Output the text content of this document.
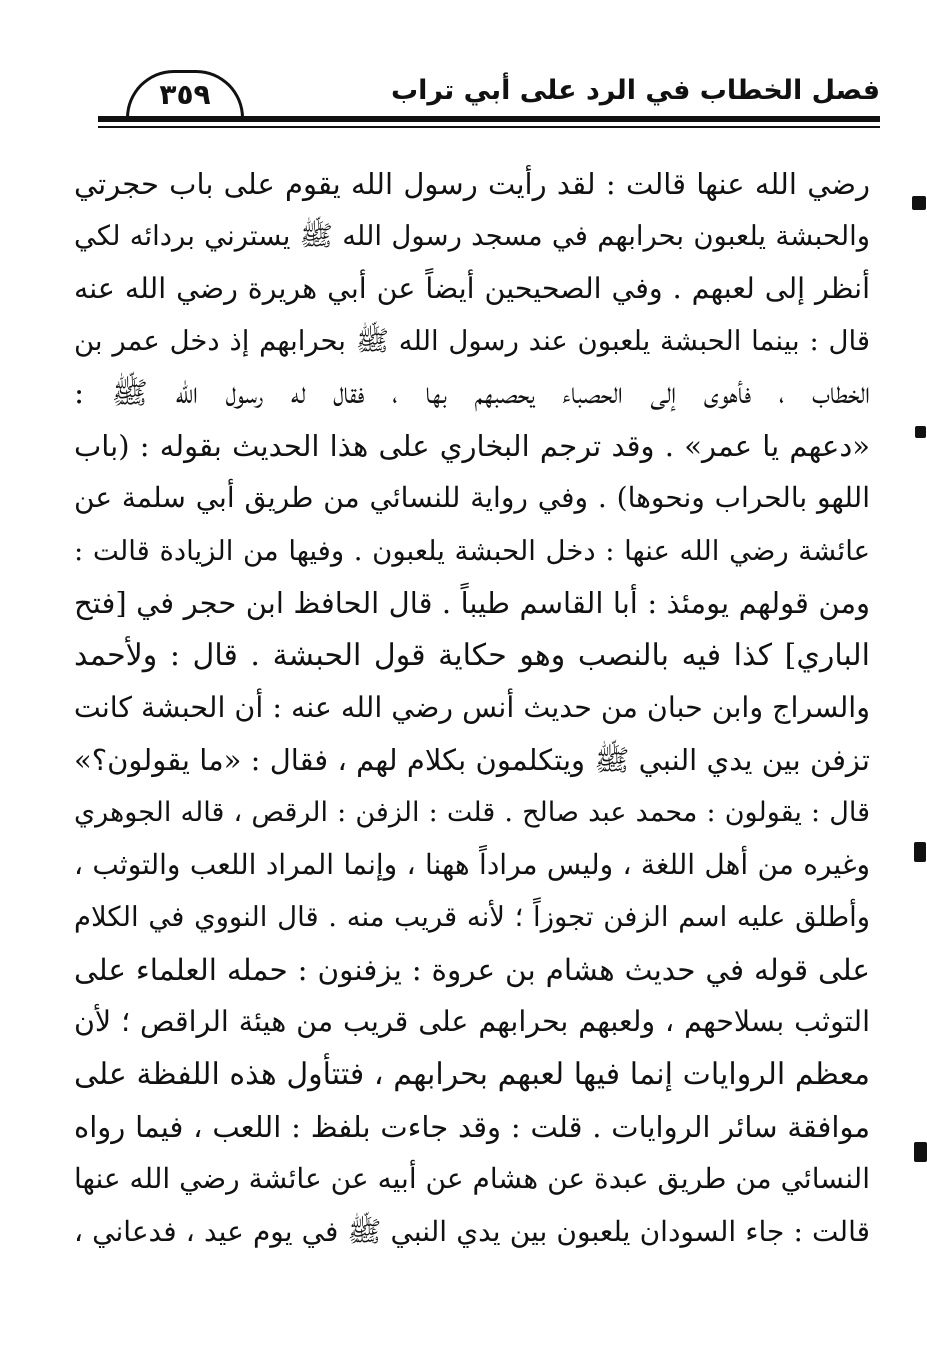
فصل الخطاب في الرد على أبي تراب
٣٥٩
رضي الله عنها قالت : لقد رأيت رسول الله يقوم على باب حجرتي
والحبشة يلعبون بحرابهم في مسجد رسول الله ﷺ يسترني بردائه لكي
أنظر إلى لعبهم . وفي الصحيحين أيضاً عن أبي هريرة رضي الله عنه
قال : بينما الحبشة يلعبون عند رسول الله ﷺ بحرابهم إذ دخل عمر بن
الخطاب ، فأهوى إلى الحصباء يحصبهم بها ، فقال له رسول الله ﷺ :
«دعهم يا عمر» . وقد ترجم البخاري على هذا الحديث بقوله : (باب
اللهو بالحراب ونحوها) . وفي رواية للنسائي من طريق أبي سلمة عن
عائشة رضي الله عنها : دخل الحبشة يلعبون . وفيها من الزيادة قالت :
ومن قولهم يومئذ : أبا القاسم طيباً . قال الحافظ ابن حجر في [فتح
الباري] كذا فيه بالنصب وهو حكاية قول الحبشة . قال : ولأحمد
والسراج وابن حبان من حديث أنس رضي الله عنه : أن الحبشة كانت
تزفن بين يدي النبي ﷺ ويتكلمون بكلام لهم ، فقال : «ما يقولون؟»
قال : يقولون : محمد عبد صالح . قلت : الزفن : الرقص ، قاله الجوهري
وغيره من أهل اللغة ، وليس مراداً ههنا ، وإنما المراد اللعب والتوثب ،
وأطلق عليه اسم الزفن تجوزاً ؛ لأنه قريب منه . قال النووي في الكلام
على قوله في حديث هشام بن عروة : يزفنون : حمله العلماء على
التوثب بسلاحهم ، ولعبهم بحرابهم على قريب من هيئة الراقص ؛ لأن
معظم الروايات إنما فيها لعبهم بحرابهم ، فتتأول هذه اللفظة على
موافقة سائر الروايات . قلت : وقد جاءت بلفظ : اللعب ، فيما رواه
النسائي من طريق عبدة عن هشام عن أبيه عن عائشة رضي الله عنها
قالت : جاء السودان يلعبون بين يدي النبي ﷺ في يوم عيد ، فدعاني ،
